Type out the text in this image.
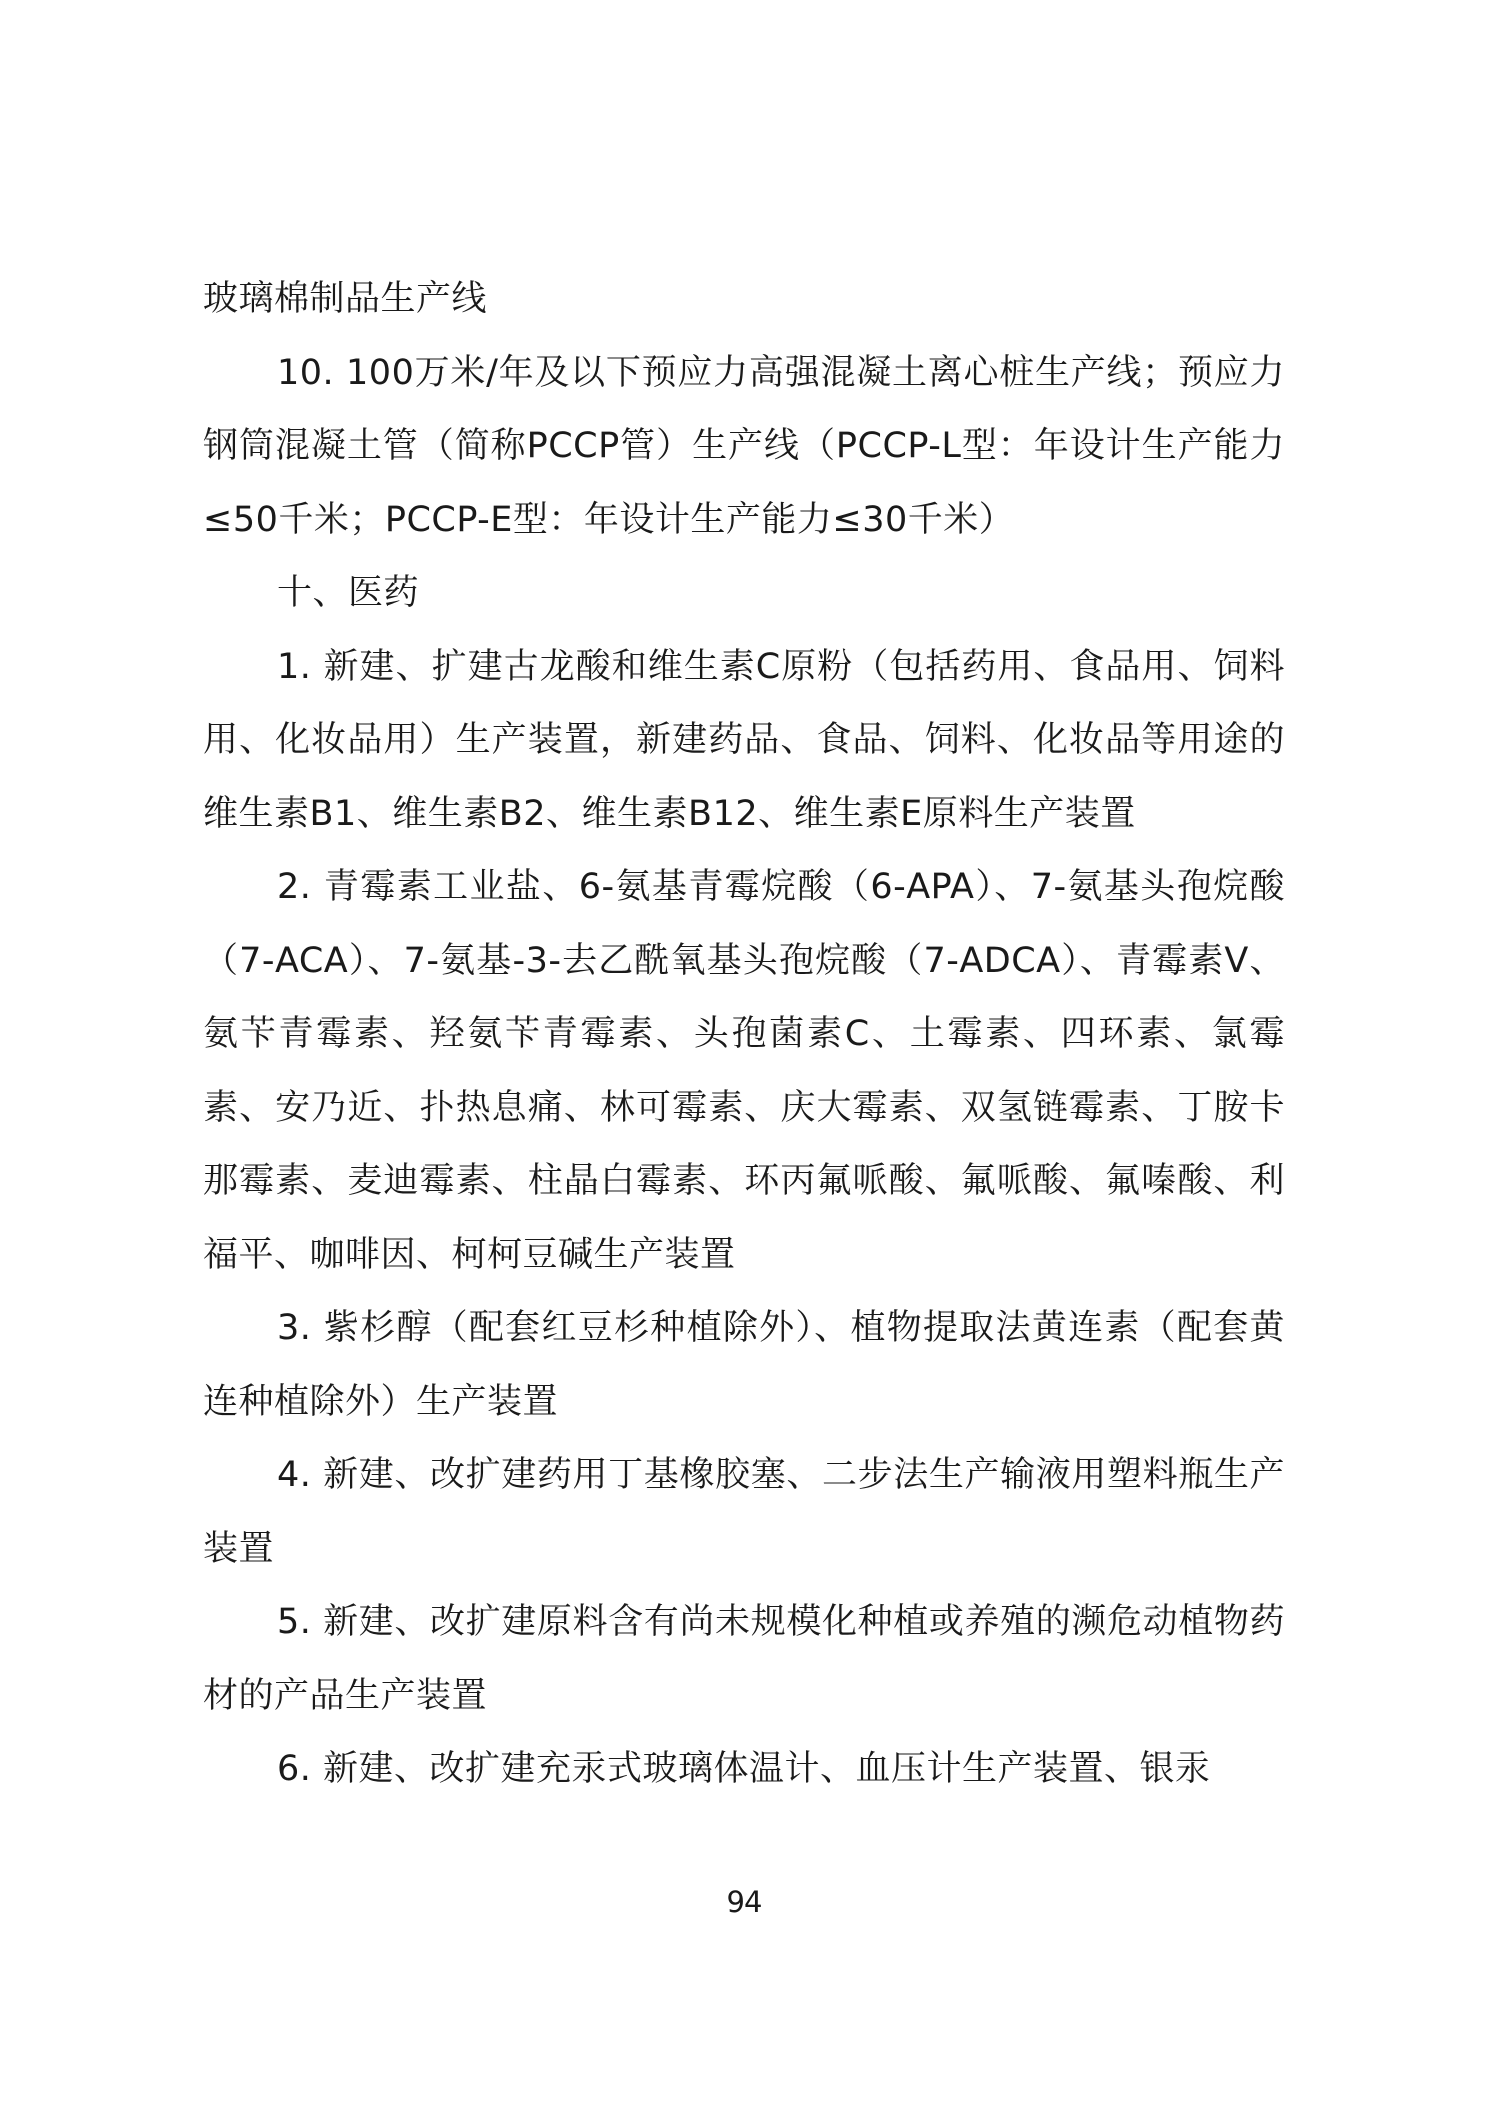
玻璃棉制品生产线

10. 100万米/年及以下预应力高强混凝土离心桩生产线；预应力钢筒混凝土管（简称PCCP管）生产线（PCCP-L型：年设计生产能力≤50千米；PCCP-E型：年设计生产能力≤30千米）

十、医药

1. 新建、扩建古龙酸和维生素C原粉（包括药用、食品用、饲料用、化妆品用）生产装置，新建药品、食品、饲料、化妆品等用途的维生素B1、维生素B2、维生素B12、维生素E原料生产装置

2. 青霉素工业盐、6-氨基青霉烷酸（6-APA）、7-氨基头孢烷酸（7-ACA）、7-氨基-3-去乙酰氧基头孢烷酸（7-ADCA）、青霉素V、氨苄青霉素、羟氨苄青霉素、头孢菌素C、土霉素、四环素、氯霉素、安乃近、扑热息痛、林可霉素、庆大霉素、双氢链霉素、丁胺卡那霉素、麦迪霉素、柱晶白霉素、环丙氟哌酸、氟哌酸、氟嗪酸、利福平、咖啡因、柯柯豆碱生产装置

3. 紫杉醇（配套红豆杉种植除外）、植物提取法黄连素（配套黄连种植除外）生产装置

4. 新建、改扩建药用丁基橡胶塞、二步法生产输液用塑料瓶生产装置

5. 新建、改扩建原料含有尚未规模化种植或养殖的濒危动植物药材的产品生产装置

6. 新建、改扩建充汞式玻璃体温计、血压计生产装置、银汞

94
